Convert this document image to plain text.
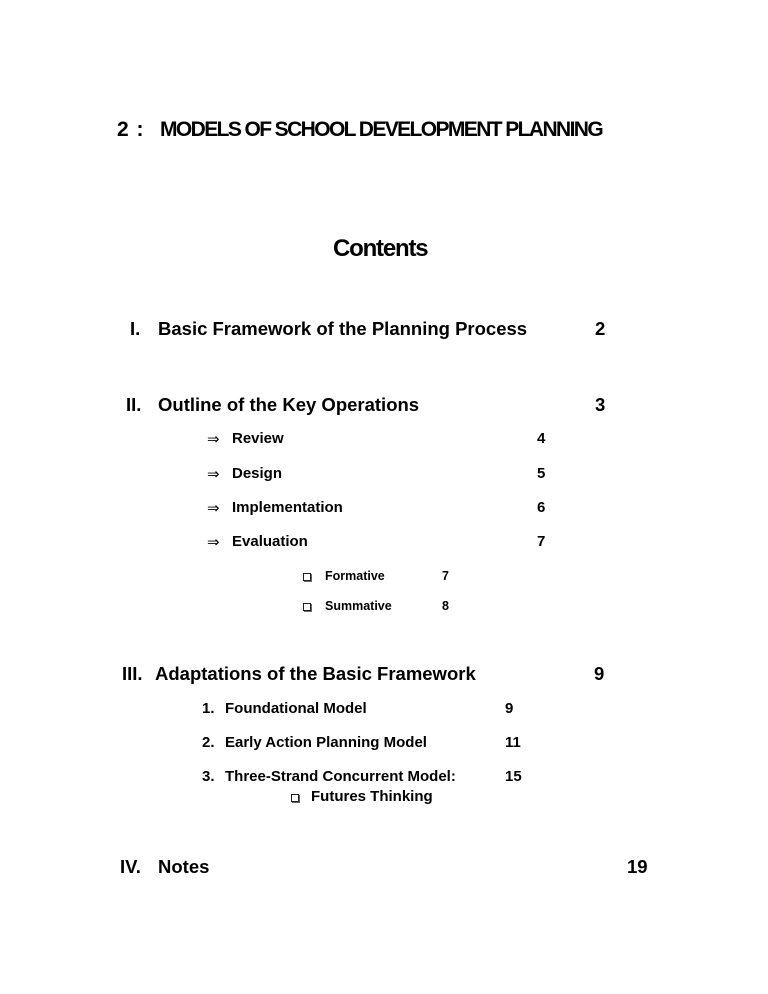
2 : MODELS OF SCHOOL DEVELOPMENT PLANNING
Contents
I. Basic Framework of the Planning Process	2
II. Outline of the Key Operations	3
⇒ Review	4
⇒ Design	5
⇒ Implementation	6
⇒ Evaluation	7
Formative	7
Summative	8
III. Adaptations of the Basic Framework	9
1. Foundational Model	9
2. Early Action Planning Model	11
3. Three-Strand Concurrent Model:	15
Futures Thinking
IV. Notes	19
